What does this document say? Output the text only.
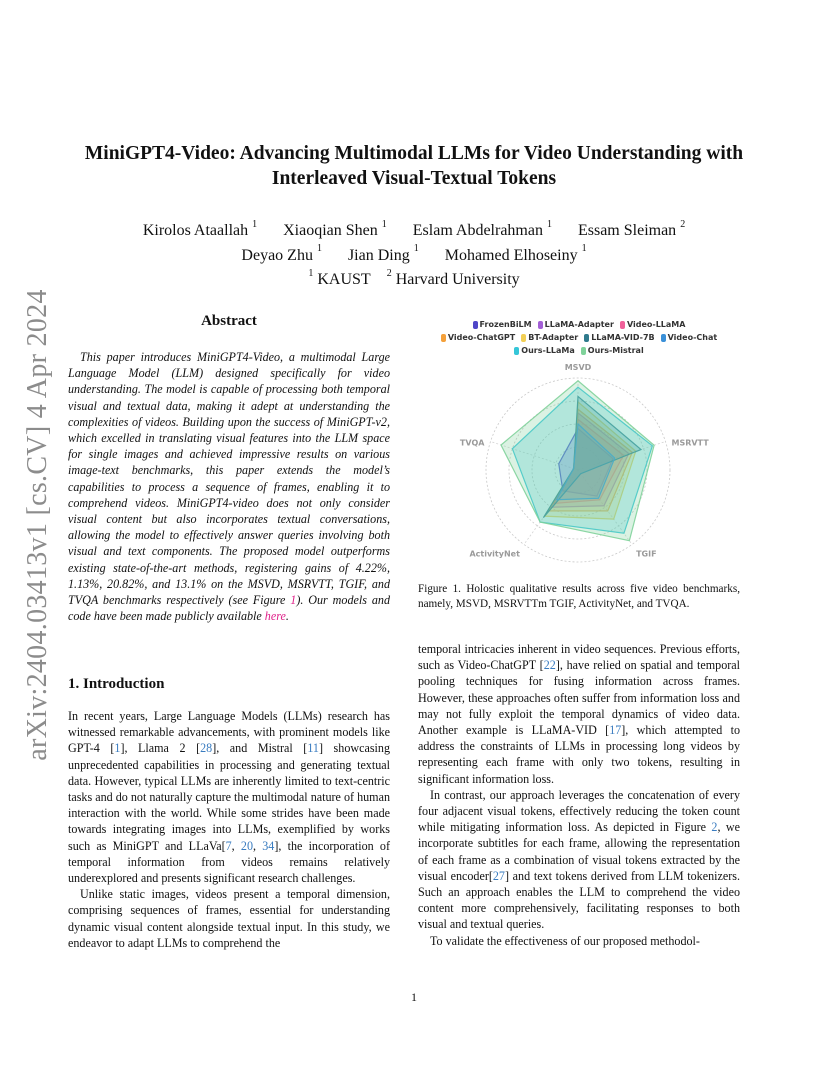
arXiv:2404.03413v1 [cs.CV] 4 Apr 2024
MiniGPT4-Video: Advancing Multimodal LLMs for Video Understanding with
Interleaved Visual-Textual Tokens
Kirolos Ataallah $^1$ Xiaoqian Shen $^1$ Eslam Abdelrahman $^1$ Essam Sleiman $^2$
Deyao Zhu $^1$ Jian Ding $^1$ Mohamed Elhoseiny $^1$
$^1$ KAUST $^2$ Harvard University
Abstract

This paper introduces MiniGPT4-Video, a multimodal Large Language Model (LLM) designed specifically for video understanding. The model is capable of processing both temporal visual and textual data, making it adept at understanding the complexities of videos. Building upon the success of MiniGPT-v2, which excelled in translating visual features into the LLM space for single images and achieved impressive results on various image-text benchmarks, this paper extends the model’s capabilities to process a sequence of frames, enabling it to comprehend videos. MiniGPT4-video does not only consider visual content but also incorporates textual conversations, allowing the model to effectively answer queries involving both visual and text components. The proposed model outperforms existing state-of-the-art methods, registering gains of 4.22%, 1.13%, 20.82%, and 13.1% on the MSVD, MSRVTT, TGIF, and TVQA benchmarks respectively (see Figure 1). Our models and code have been made publicly available here.

1. Introduction

In recent years, Large Language Models (LLMs) research has witnessed remarkable advancements, with prominent models like GPT-4 [1], Llama 2 [28], and Mistral [11] showcasing unprecedented capabilities in processing and generating textual data. However, typical LLMs are inherently limited to text-centric tasks and do not naturally capture the multimodal nature of human interaction with the world. While some strides have been made towards integrating images into LLMs, exemplified by works such as MiniGPT and LLaVa[7, 20, 34], the incorporation of temporal information from videos remains relatively underexplored and presents significant research challenges.

Unlike static images, videos present a temporal dimension, comprising sequences of frames, essential for understanding dynamic visual content alongside textual input. In this study, we endeavor to adapt LLMs to comprehend the

FrozenBiLM LLaMA-Adapter Video-LLaMA
Video-ChatGPT BT-Adapter LLaMA-VID-7B Video-Chat
Ours-LLaMa Ours-Mistral
MSVD
MSRVTT
TGIF
ActivityNet
TVQA

Figure 1. Holostic qualitative results across five video benchmarks, namely, MSVD, MSRVTTm TGIF, ActivityNet, and TVQA.

temporal intricacies inherent in video sequences. Previous efforts, such as Video-ChatGPT [22], have relied on spatial and temporal pooling techniques for fusing information across frames. However, these approaches often suffer from information loss and may not fully exploit the temporal dynamics of video data. Another example is LLaMA-VID [17], which attempted to address the constraints of LLMs in processing long videos by representing each frame with only two tokens, resulting in significant information loss.

In contrast, our approach leverages the concatenation of every four adjacent visual tokens, effectively reducing the token count while mitigating information loss. As depicted in Figure 2, we incorporate subtitles for each frame, allowing the representation of each frame as a combination of visual tokens extracted by the visual encoder[27] and text tokens derived from LLM tokenizers. Such an approach enables the LLM to comprehend the video content more comprehensively, facilitating responses to both visual and textual queries.

To validate the effectiveness of our proposed methodol-

1
